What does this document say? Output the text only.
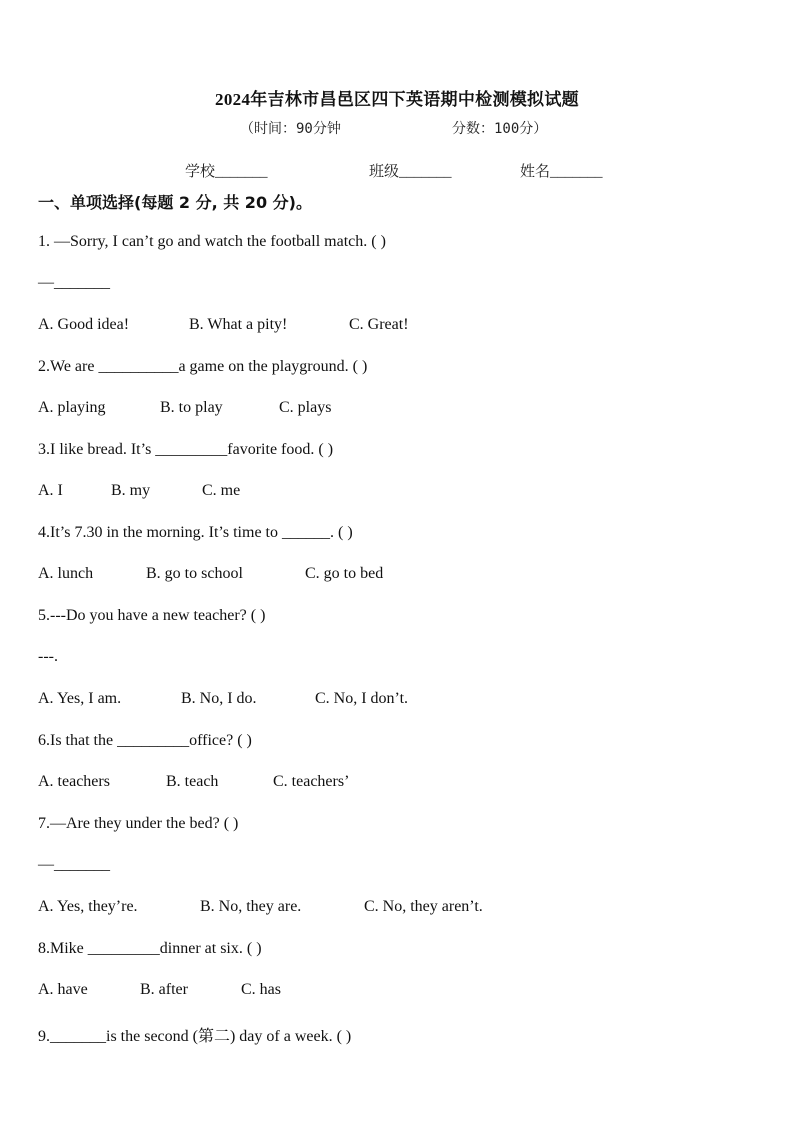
2024年吉林市昌邑区四下英语期中检测模拟试题
（时间：90分钟	分数：100分）
学校_______	班级_______	姓名_______
一、单项选择(每题 2 分, 共 20 分)。
1. —Sorry, I can’t go and watch the football match. ( )
—_______
A. Good idea!	B. What a pity!	C. Great!
2.We are __________a game on the playground. ( )
A. playing	B. to play	C. plays
3.I like bread. It’s _________favorite food. ( )
A. I	B. my	C. me
4.It’s 7.30 in the morning. It’s time to ______. ( )
A. lunch	B. go to school	C. go to bed
5.---Do you have a new teacher? ( )
---.
A. Yes, I am.	B. No, I do.	C. No, I don’t.
6.Is that the _________office? ( )
A. teachers	B. teach	C. teachers’
7.—Are they under the bed? ( )
—_______
A. Yes, they’re.	B. No, they are.	C. No, they aren’t.
8.Mike _________dinner at six. ( )
A. have	B. after	C. has
9._______is the second (第二) day of a week. ( )
